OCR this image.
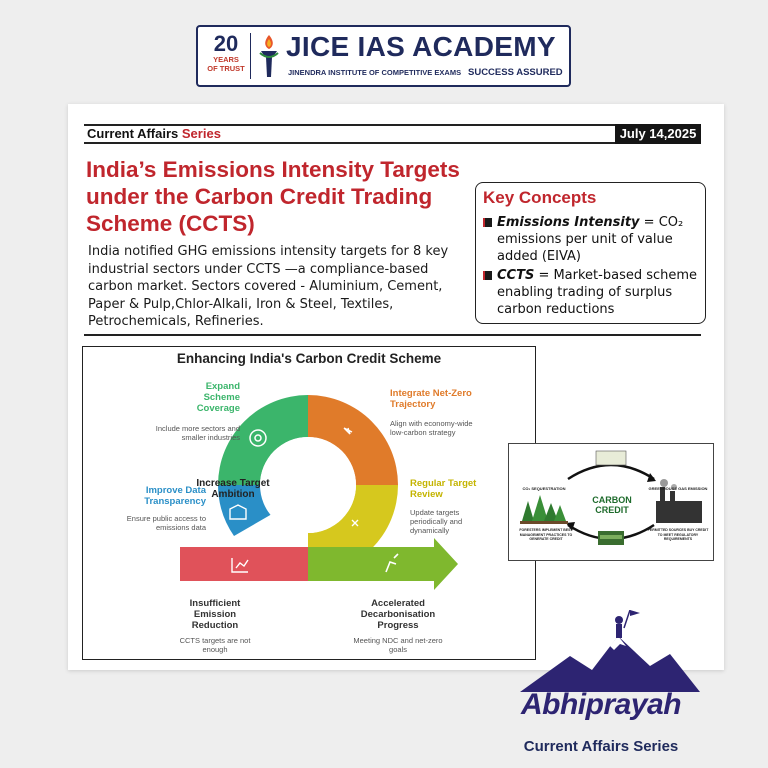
20
YEARS
OF TRUST
JICE IAS ACADEMY
JINENDRA INSTITUTE OF COMPETITIVE EXAMS SUCCESS ASSURED
Current Affairs Series	July 14,2025
India’s Emissions Intensity Targets under the Carbon Credit Trading Scheme (CCTS)
India notified GHG emissions intensity targets for 8 key industrial sectors under CCTS —a compliance-based carbon market. Sectors covered - Aluminium, Cement, Paper & Pulp,Chlor-Alkali, Iron & Steel, Textiles, Petrochemicals, Refineries.
Key Concepts
Emissions Intensity = CO₂ emissions per unit of value added (EIVA)
CCTS = Market-based scheme enabling trading of surplus carbon reductions
Enhancing India's Carbon Credit Scheme
Increase Target Ambition
Expand Scheme Coverage
Include more sectors and smaller industries
Integrate Net-Zero Trajectory
Align with economy-wide low-carbon strategy
Improve Data Transparency
Ensure public access to emissions data
Regular Target Review
Update targets periodically and dynamically
Insufficient Emission Reduction
CCTS targets are not enough
Accelerated Decarbonisation Progress
Meeting NDC and net-zero goals
CARBON CREDIT
CO₂ SEQUESTRATION
FORESTERS IMPLEMENT BEST MANAGEMENT PRACTICES TO GENERATE CREDIT
GREENHOUSE GAS EMISSION
PERMITTED SOURCES BUY CREDIT TO MEET REGULATORY REQUIREMENTS
Abhiprayah
Current Affairs Series
